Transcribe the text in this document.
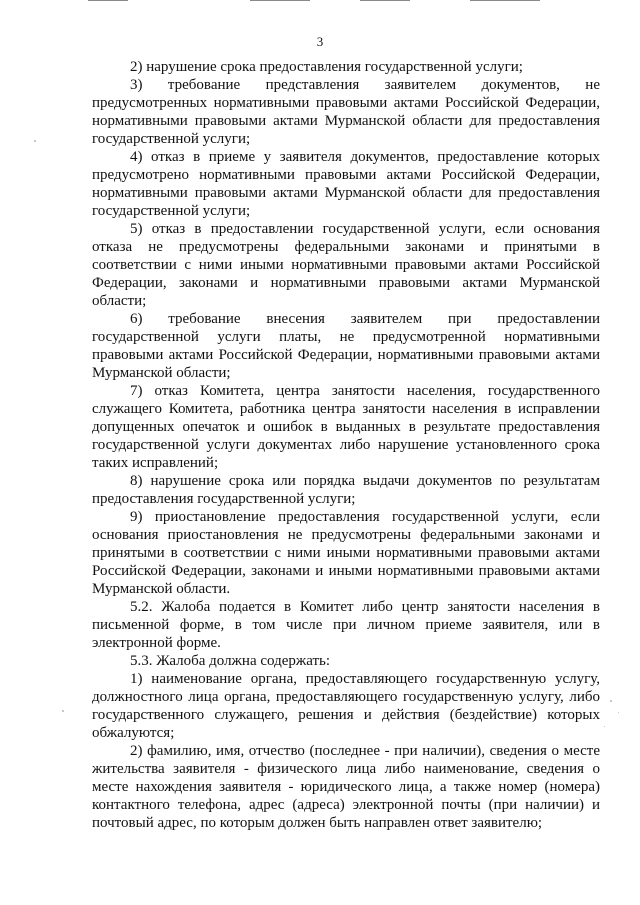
3

2) нарушение срока предоставления государственной услуги;

3) требование представления заявителем документов, не предусмотренных нормативными правовыми актами Российской Федерации, нормативными правовыми актами Мурманской области для предоставления государственной услуги;

4) отказ в приеме у заявителя документов, предоставление которых предусмотрено нормативными правовыми актами Российской Федерации, нормативными правовыми актами Мурманской области для предоставления государственной услуги;

5) отказ в предоставлении государственной услуги, если основания отказа не предусмотрены федеральными законами и принятыми в соответствии с ними иными нормативными правовыми актами Российской Федерации, законами и нормативными правовыми актами Мурманской области;

6) требование внесения заявителем при предоставлении государственной услуги платы, не предусмотренной нормативными правовыми актами Российской Федерации, нормативными правовыми актами Мурманской области;

7) отказ Комитета, центра занятости населения, государственного служащего Комитета, работника центра занятости населения в исправлении допущенных опечаток и ошибок в выданных в результате предоставления государственной услуги документах либо нарушение установленного срока таких исправлений;

8) нарушение срока или порядка выдачи документов по результатам предоставления государственной услуги;

9) приостановление предоставления государственной услуги, если основания приостановления не предусмотрены федеральными законами и принятыми в соответствии с ними иными нормативными правовыми актами Российской Федерации, законами и иными нормативными правовыми актами Мурманской области.

5.2. Жалоба подается в Комитет либо центр занятости населения в письменной форме, в том числе при личном приеме заявителя, или в электронной форме.

5.3. Жалоба должна содержать:

1) наименование органа, предоставляющего государственную услугу, должностного лица органа, предоставляющего государственную услугу, либо государственного служащего, решения и действия (бездействие) которых обжалуются;

2) фамилию, имя, отчество (последнее - при наличии), сведения о месте жительства заявителя - физического лица либо наименование, сведения о месте нахождения заявителя - юридического лица, а также номер (номера) контактного телефона, адрес (адреса) электронной почты (при наличии) и почтовый адрес, по которым должен быть направлен ответ заявителю;
